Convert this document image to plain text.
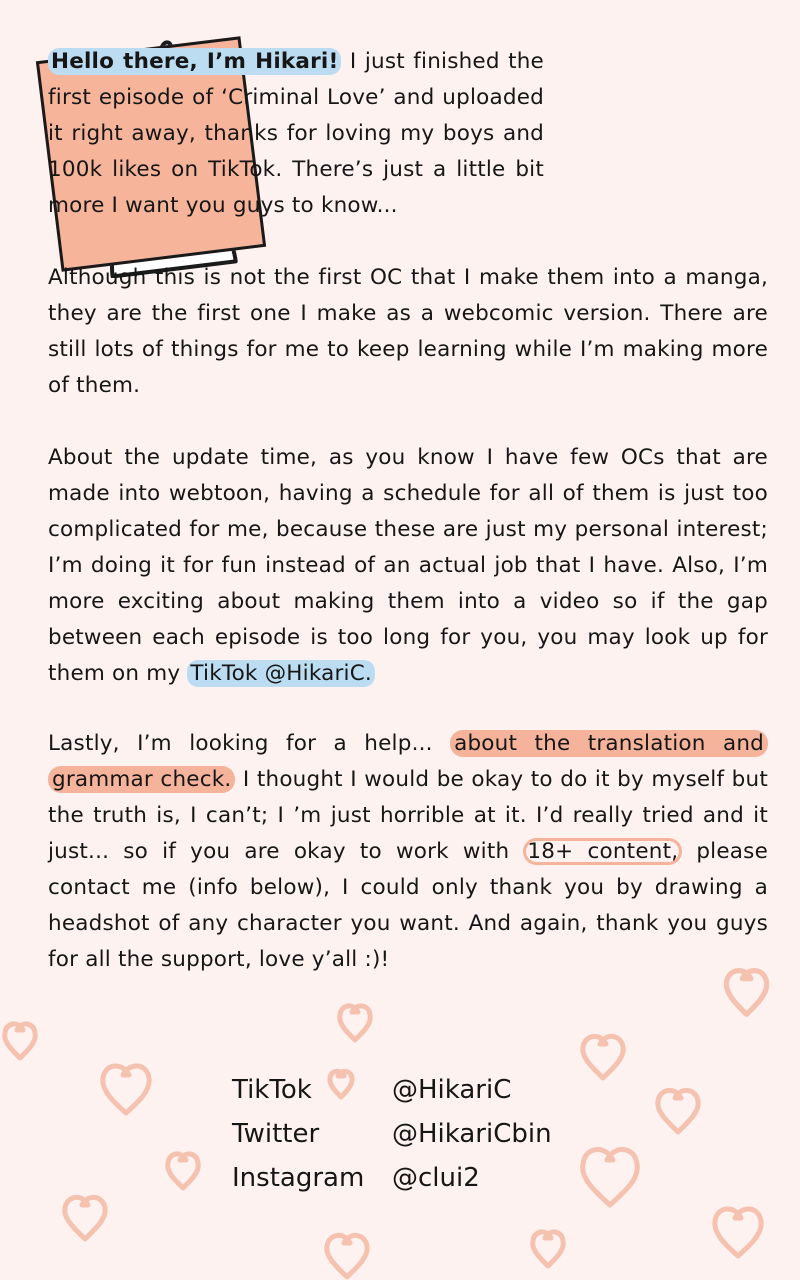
Hello there, I’m Hikari! I just finished the first episode of ‘Criminal Love’ and uploaded it right away, thanks for loving my boys and 100k likes on TikTok. There’s just a little bit more I want you guys to know...

Although this is not the first OC that I make them into a manga, they are the first one I make as a webcomic version. There are still lots of things for me to keep learning while I’m making more of them.

About the update time, as you know I have few OCs that are made into webtoon, having a schedule for all of them is just too complicated for me, because these are just my personal interest; I’m doing it for fun instead of an actual job that I have. Also, I’m more exciting about making them into a video so if the gap between each episode is too long for you, you may look up for them on my TikTok @HikariC.

Lastly, I’m looking for a help... about the translation and grammar check. I thought I would be okay to do it by myself but the truth is, I can’t; I ’m just horrible at it. I’d really tried and it just... so if you are okay to work with 18+ content, please contact me (info below), I could only thank you by drawing a headshot of any character you want. And again, thank you guys for all the support, love y’all :)!

TikTok	@HikariC
Twitter	@HikariCbin
Instagram	@clui2
